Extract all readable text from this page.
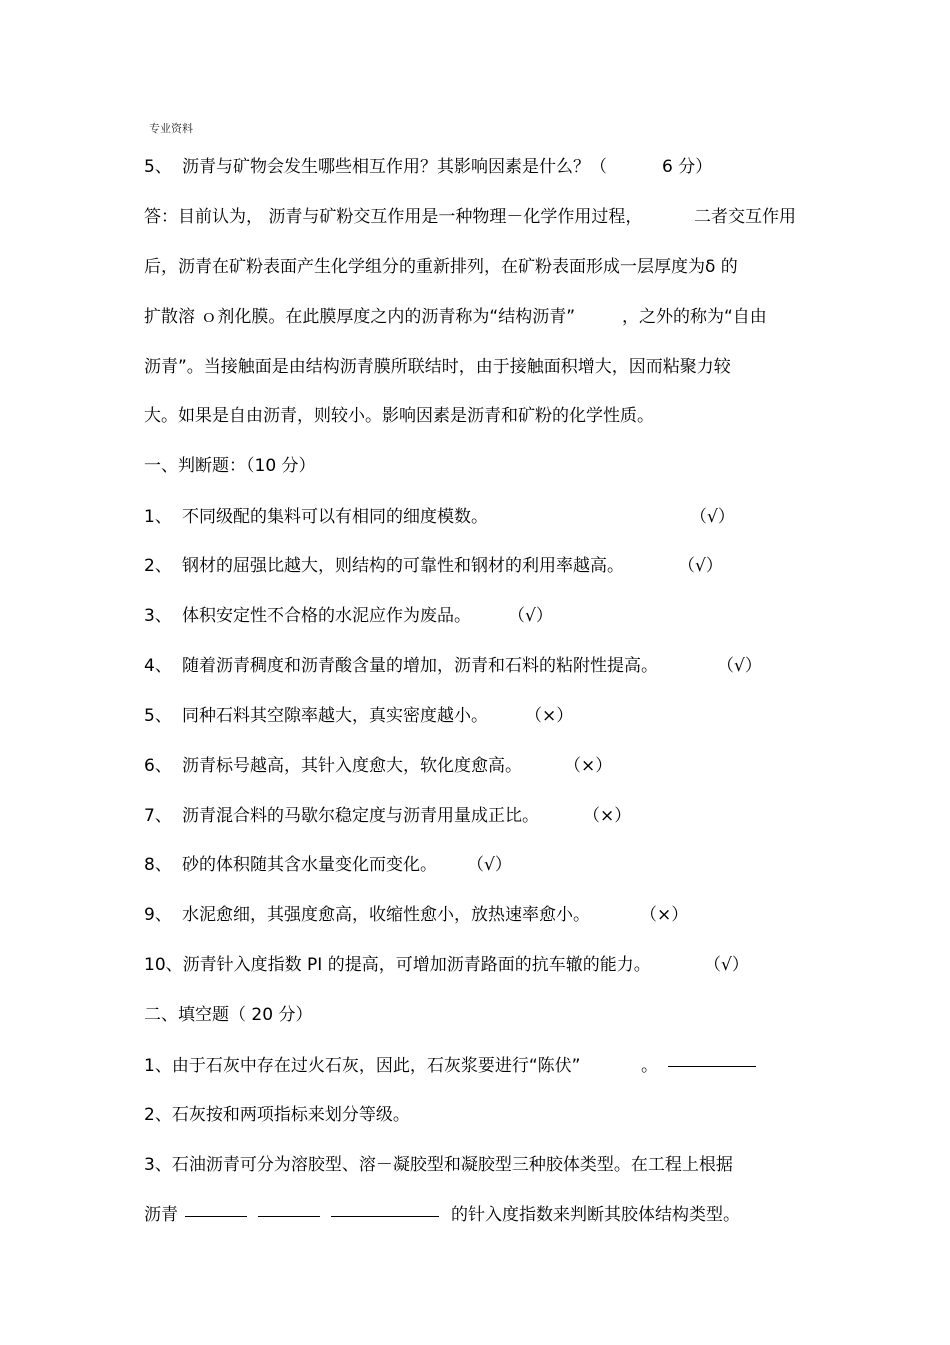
专业资料
5、 沥青与矿物会发生哪些相互作用？其影响因素是什么？（	6 分）
答：目前认为， 沥青与矿粉交互作用是一种物理－化学作用过程，	二者交互作用
后，沥青在矿粉表面产生化学组分的重新排列，在矿粉表面形成一层厚度为δ 的
扩散溶 ｏ剂化膜。在此膜厚度之内的沥青称为“结构沥青”	，之外的称为“自由
沥青”。当接触面是由结构沥青膜所联结时，由于接触面积增大，因而粘聚力较
大。如果是自由沥青，则较小。影响因素是沥青和矿粉的化学性质。
一、判断题：（10 分）
1、 不同级配的集料可以有相同的细度模数。	（√）
2、 钢材的屈强比越大，则结构的可靠性和钢材的利用率越高。	（√）
3、 体积安定性不合格的水泥应作为废品。 （√）
4、 随着沥青稠度和沥青酸含量的增加，沥青和石料的粘附性提高。	（√）
5、 同种石料其空隙率越大，真实密度越小。 （×）
6、 沥青标号越高，其针入度愈大，软化度愈高。 （×）
7、 沥青混合料的马歇尔稳定度与沥青用量成正比。	（×）
8、 砂的体积随其含水量变化而变化。 （√）
9、 水泥愈细，其强度愈高，收缩性愈小，放热速率愈小。	（×）
10、沥青针入度指数 PI 的提高，可增加沥青路面的抗车辙的能力。	（√）
二、填空题（ 20 分）
1、由于石灰中存在过火石灰，因此，石灰浆要进行“陈伏”	。
2、石灰按和两项指标来划分等级。
3、石油沥青可分为溶胶型、溶－凝胶型和凝胶型三种胶体类型。在工程上根据
沥青	的针入度指数来判断其胶体结构类型。
